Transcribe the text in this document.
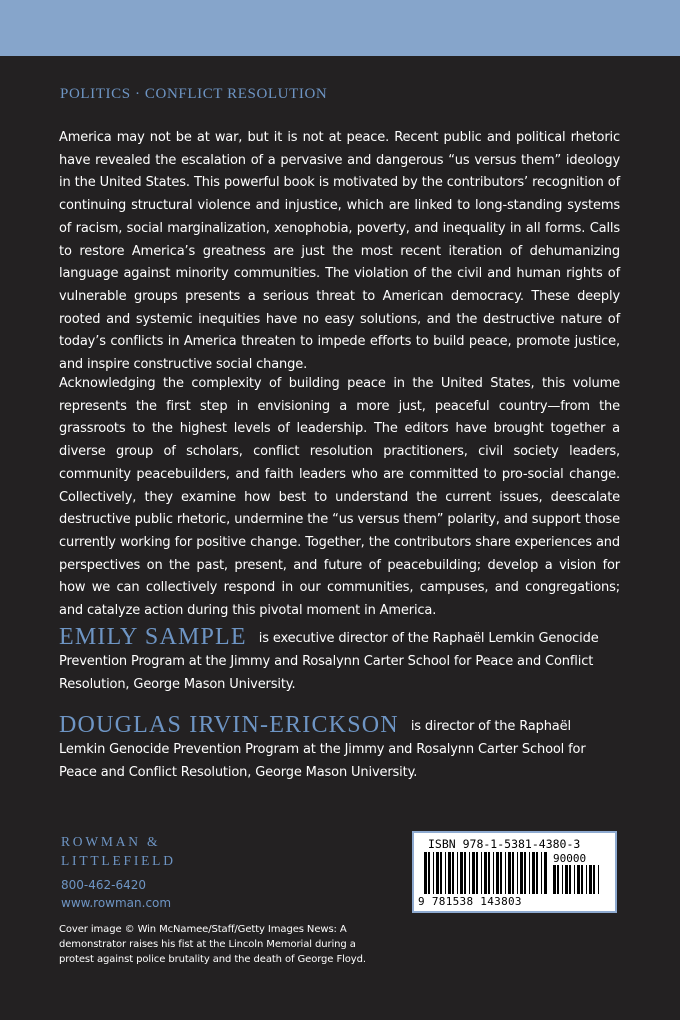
POLITICS · CONFLICT RESOLUTION

America may not be at war, but it is not at peace. Recent public and political rhetoric have revealed the escalation of a pervasive and dangerous “us versus them” ideology in the United States. This powerful book is motivated by the contributors’ recognition of continuing structural violence and injustice, which are linked to long-standing systems of racism, social marginalization, xenophobia, poverty, and inequality in all forms. Calls to restore America’s greatness are just the most recent iteration of dehumanizing language against minority communities. The violation of the civil and human rights of vulnerable groups presents a serious threat to American democracy. These deeply rooted and systemic inequities have no easy solutions, and the destructive nature of today’s conflicts in America threaten to impede efforts to build peace, promote justice, and inspire constructive social change.

Acknowledging the complexity of building peace in the United States, this volume represents the first step in envisioning a more just, peaceful country—from the grassroots to the highest levels of leadership. The editors have brought together a diverse group of scholars, conflict resolution practitioners, civil society leaders, community peacebuilders, and faith leaders who are committed to pro-social change. Collectively, they examine how best to understand the current issues, deescalate destructive public rhetoric, undermine the “us versus them” polarity, and support those currently working for positive change. Together, the contributors share experiences and perspectives on the past, present, and future of peacebuilding; develop a vision for how we can collectively respond in our communities, campuses, and congregations; and catalyze action during this pivotal moment in America.

EMILY SAMPLE is executive director of the Raphaël Lemkin Genocide Prevention Program at the Jimmy and Rosalynn Carter School for Peace and Conflict Resolution, George Mason University.

DOUGLAS IRVIN-ERICKSON is director of the Raphaël Lemkin Genocide Prevention Program at the Jimmy and Rosalynn Carter School for Peace and Conflict Resolution, George Mason University.

ROWMAN &
LITTLEFIELD
800-462-6420
www.rowman.com
Cover image © Win McNamee/Staff/Getty Images News: A demonstrator raises his fist at the Lincoln Memorial during a protest against police brutality and the death of George Floyd.
ISBN 978-1-5381-4380-3
90000
9 781538 143803
